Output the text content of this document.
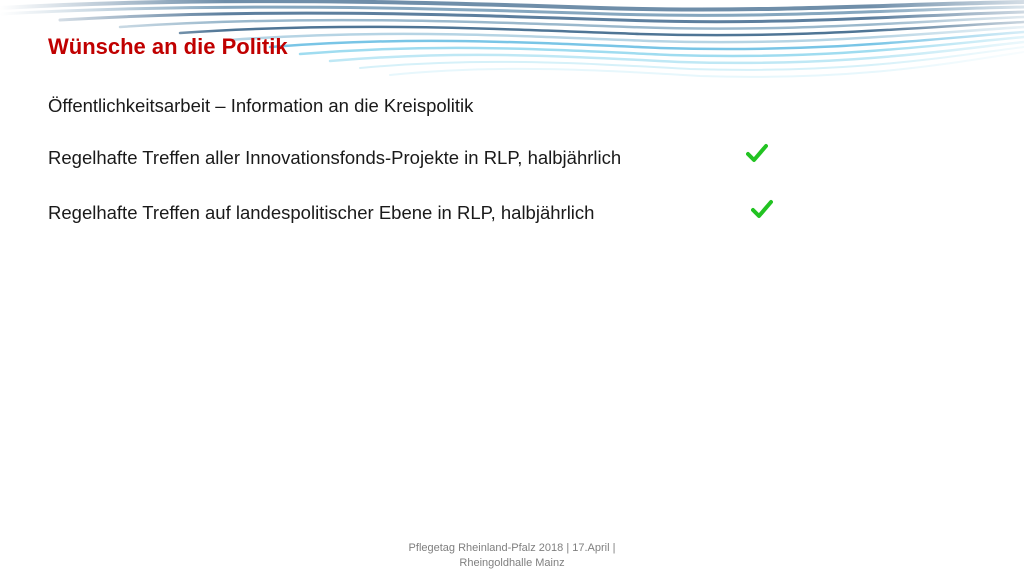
Wünsche an die Politik
Öffentlichkeitsarbeit – Information an die Kreispolitik
Regelhafte Treffen aller Innovationsfonds-Projekte in RLP, halbjährlich
Regelhafte Treffen auf landespolitischer Ebene in RLP, halbjährlich
Pflegetag Rheinland-Pfalz 2018 | 17.April |
Rheingoldhalle Mainz
